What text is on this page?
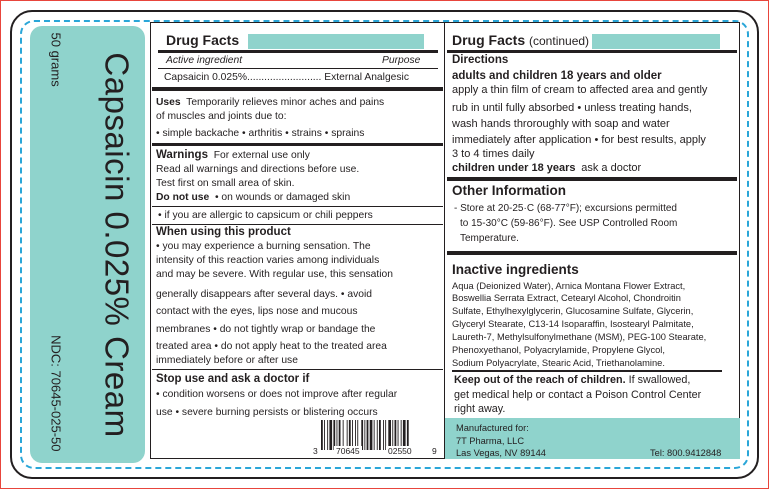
Capsaicin 0.025% Cream
50 grams
NDC: 70645-025-50
Drug Facts
Active ingredient	Purpose
Capsaicin 0.025%.......................... External Analgesic
Uses Temporarily relieves minor aches and pains
of muscles and joints due to:
• simple backache • arthritis • strains • sprains
Warnings For external use only
Read all warnings and directions before use.
Test first on small area of skin.
Do not use • on wounds or damaged skin
• if you are allergic to capsicum or chili peppers
When using this product
• you may experience a burning sensation. The
intensity of this reaction varies among individuals
and may be severe. With regular use, this sensation
generally disappears after several days. • avoid
contact with the eyes, lips nose and mucous
membranes • do not tightly wrap or bandage the
treated area • do not apply heat to the treated area
immediately before or after use
Stop use and ask a doctor if
• condition worsens or does not improve after regular
use • severe burning persists or blistering occurs
3 70645	02550 9
Drug Facts (continued)
Directions
adults and children 18 years and older
apply a thin film of cream to affected area and gently
rub in until fully absorbed • unless treating hands,
wash hands throroughly with soap and water
immediately after application • for best results, apply
3 to 4 times daily
children under 18 years ask a doctor
Other Information
- Store at 20-25·C (68-77°F); excursions permitted
to 15-30°C (59-86°F). See USP Controlled Room
Temperature.
Inactive ingredients
Aqua (Deionized Water), Arnica Montana Flower Extract,
Boswellia Serrata Extract, Cetearyl Alcohol, Chondroitin
Sulfate, Ethylhexylglycerin, Glucosamine Sulfate, Glycerin,
Glyceryl Stearate, C13-14 Isoparaffin, Isostearyl Palmitate,
Laureth-7, Methylsulfonylmethane (MSM), PEG-100 Stearate,
Phenoxyethanol, Polyacrylamide, Propylene Glycol,
Sodium Polyacrylate, Stearic Acid, Triethanolamine.
Keep out of the reach of children. If swallowed,
get medical help or contact a Poison Control Center
right away.
Manufactured for:
7T Pharma, LLC
Las Vegas, NV 89144	Tel: 800.9412848
